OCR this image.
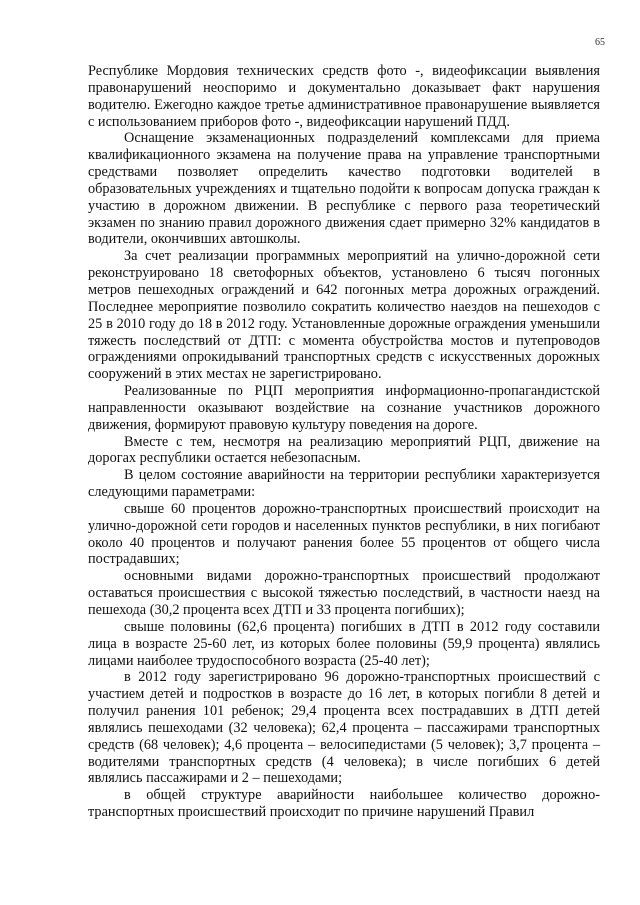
65

Республике Мордовия технических средств фото -, видеофиксации выявления правонарушений неоспоримо и документально доказывает факт нарушения водителю. Ежегодно каждое третье административное правонарушение выявляется с использованием приборов фото -, видеофиксации нарушений ПДД.

Оснащение экзаменационных подразделений комплексами для приема квалификационного экзамена на получение права на управление транспортными средствами позволяет определить качество подготовки водителей в образовательных учреждениях и тщательно подойти к вопросам допуска граждан к участию в дорожном движении. В республике с первого раза теоретический экзамен по знанию правил дорожного движения сдает примерно 32% кандидатов в водители, окончивших автошколы.

За счет реализации программных мероприятий на улично-дорожной сети реконструировано 18 светофорных объектов, установлено 6 тысяч погонных метров пешеходных ограждений и 642 погонных метра дорожных ограждений. Последнее мероприятие позволило сократить количество наездов на пешеходов с 25 в 2010 году до 18 в 2012 году. Установленные дорожные ограждения уменьшили тяжесть последствий от ДТП: с момента обустройства мостов и путепроводов ограждениями опрокидываний транспортных средств с искусственных дорожных сооружений в этих местах не зарегистрировано.

Реализованные по РЦП мероприятия информационно-пропагандистской направленности оказывают воздействие на сознание участников дорожного движения, формируют правовую культуру поведения на дороге.

Вместе с тем, несмотря на реализацию мероприятий РЦП, движение на дорогах республики остается небезопасным.

В целом состояние аварийности на территории республики характеризуется следующими параметрами:

свыше 60 процентов дорожно-транспортных происшествий происходит на улично-дорожной сети городов и населенных пунктов республики, в них погибают около 40 процентов и получают ранения более 55 процентов от общего числа пострадавших;

основными видами дорожно-транспортных происшествий продолжают оставаться происшествия с высокой тяжестью последствий, в частности наезд на пешехода (30,2 процента всех ДТП и 33 процента погибших);

свыше половины (62,6 процента) погибших в ДТП в 2012 году составили лица в возрасте 25-60 лет, из которых более половины (59,9 процента) являлись лицами наиболее трудоспособного возраста (25-40 лет);

в 2012 году зарегистрировано 96 дорожно-транспортных происшествий с участием детей и подростков в возрасте до 16 лет, в которых погибли 8 детей и получил ранения 101 ребенок; 29,4 процента всех пострадавших в ДТП детей являлись пешеходами (32 человека); 62,4 процента – пассажирами транспортных средств (68 человек); 4,6 процента – велосипедистами (5 человек); 3,7 процента – водителями транспортных средств (4 человека); в числе погибших 6 детей являлись пассажирами и 2 – пешеходами;

в общей структуре аварийности наибольшее количество дорожно-транспортных происшествий происходит по причине нарушений Правил
